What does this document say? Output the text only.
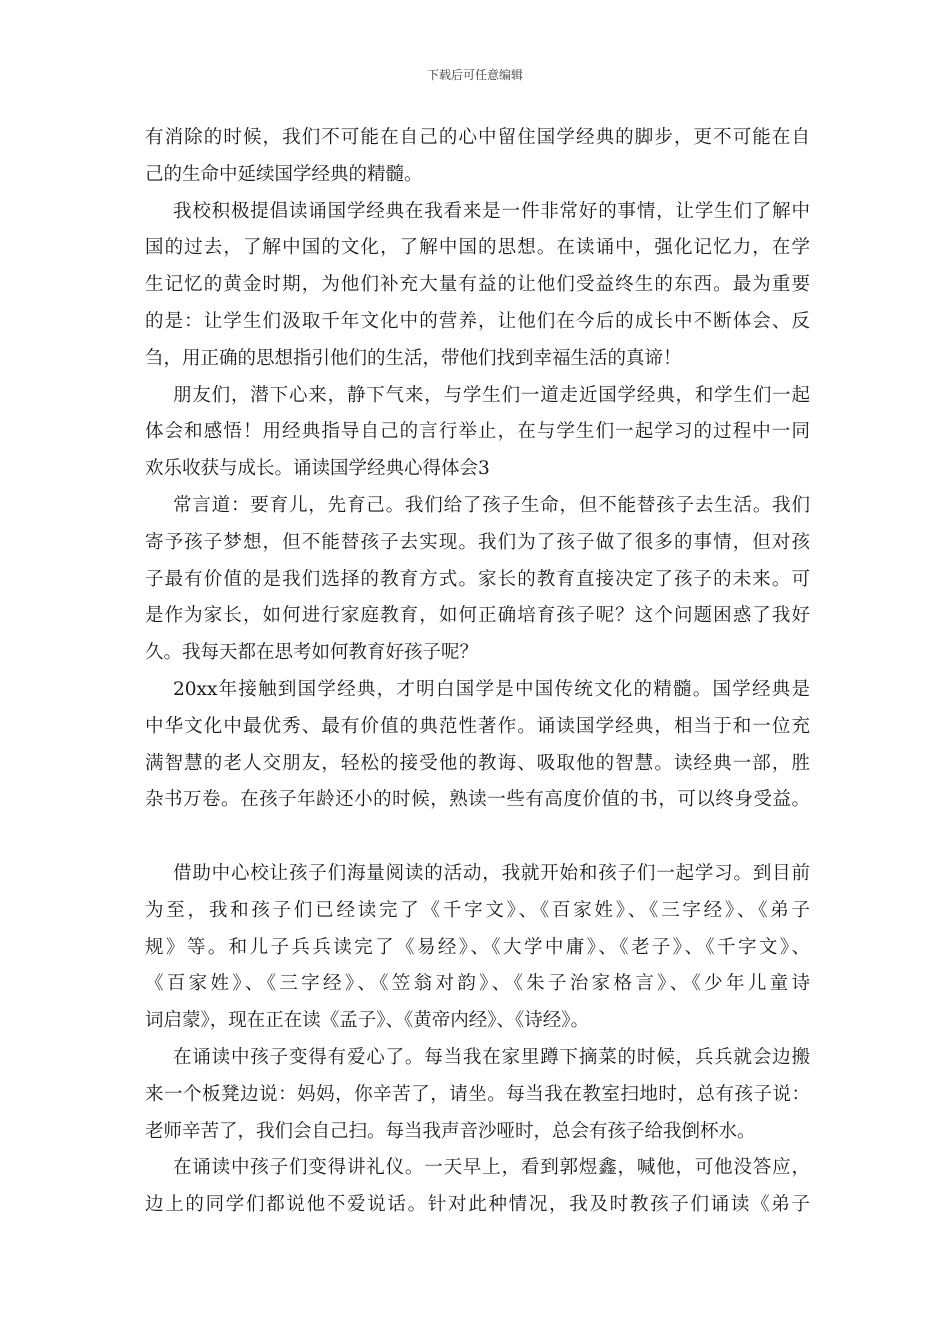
下载后可任意编辑
有消除的时候，我们不可能在自己的心中留住国学经典的脚步，更不可能在自
己的生命中延续国学经典的精髓。
我校积极提倡读诵国学经典在我看来是一件非常好的事情，让学生们了解中
国的过去，了解中国的文化，了解中国的思想。在读诵中，强化记忆力，在学
生记忆的黄金时期，为他们补充大量有益的让他们受益终生的东西。最为重要
的是：让学生们汲取千年文化中的营养，让他们在今后的成长中不断体会、反
刍，用正确的思想指引他们的生活，带他们找到幸福生活的真谛！
朋友们，潜下心来，静下气来，与学生们一道走近国学经典，和学生们一起
体会和感悟！用经典指导自己的言行举止，在与学生们一起学习的过程中一同
欢乐收获与成长。诵读国学经典心得体会3
常言道：要育儿，先育己。我们给了孩子生命，但不能替孩子去生活。我们
寄予孩子梦想，但不能替孩子去实现。我们为了孩子做了很多的事情，但对孩
子最有价值的是我们选择的教育方式。家长的教育直接决定了孩子的未来。可
是作为家长，如何进行家庭教育，如何正确培育孩子呢？这个问题困惑了我好
久。我每天都在思考如何教育好孩子呢？
20xx年接触到国学经典，才明白国学是中国传统文化的精髓。国学经典是
中华文化中最优秀、最有价值的典范性著作。诵读国学经典，相当于和一位充
满智慧的老人交朋友，轻松的接受他的教诲、吸取他的智慧。读经典一部，胜
杂书万卷。在孩子年龄还小的时候，熟读一些有高度价值的书，可以终身受益。
借助中心校让孩子们海量阅读的活动，我就开始和孩子们一起学习。到目前
为至，我和孩子们已经读完了《千字文》、《百家姓》、《三字经》、《弟子
规》等。和儿子兵兵读完了《易经》、《大学中庸》、《老子》、《千字文》、
《百家姓》、《三字经》、《笠翁对韵》、《朱子治家格言》、《少年儿童诗
词启蒙》，现在正在读《孟子》、《黄帝内经》、《诗经》。
在诵读中孩子变得有爱心了。每当我在家里蹲下摘菜的时候，兵兵就会边搬
来一个板凳边说：妈妈，你辛苦了，请坐。每当我在教室扫地时，总有孩子说：
老师辛苦了，我们会自己扫。每当我声音沙哑时，总会有孩子给我倒杯水。
在诵读中孩子们变得讲礼仪。一天早上，看到郭煜鑫，喊他，可他没答应，
边上的同学们都说他不爱说话。针对此种情况，我及时教孩子们诵读《弟子
